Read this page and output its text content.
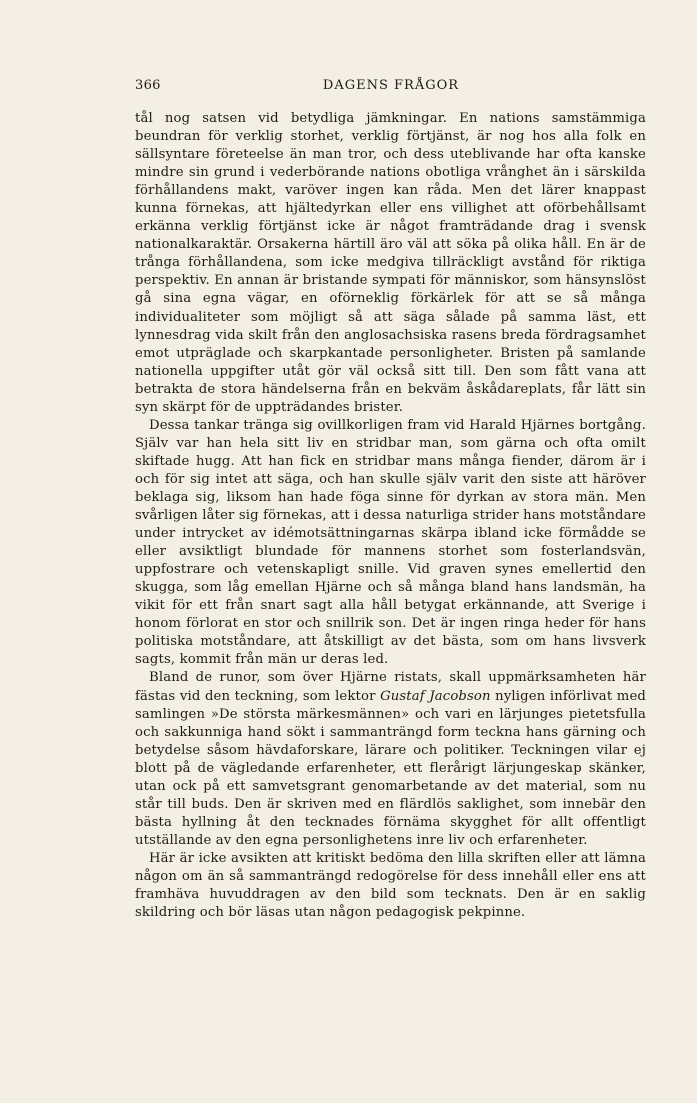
366	DAGENS FRÅGOR

tål nog satsen vid betydliga jämkningar. En nations samstämmiga beundran för verklig storhet, verklig förtjänst, är nog hos alla folk en sällsyntare företeelse än man tror, och dess uteblivande har ofta kanske mindre sin grund i vederbörande nations obotliga vrånghet än i särskilda förhållandens makt, varöver ingen kan råda. Men det lärer knappast kunna förnekas, att hjältedyrkan eller ens villighet att oförbehållsamt erkänna verklig förtjänst icke är något framträdande drag i svensk nationalkaraktär. Orsakerna härtill äro väl att söka på olika håll. En är de trånga förhållandena, som icke medgiva tillräckligt avstånd för riktiga perspektiv. En annan är bristande sympati för människor, som hänsynslöst gå sina egna vägar, en oförneklig förkärlek för att se så många individualiteter som möjligt så att säga sålade på samma läst, ett lynnesdrag vida skilt från den anglosachsiska rasens breda fördragsamhet emot utpräglade och skarpkantade personligheter. Bristen på samlande nationella uppgifter utåt gör väl också sitt till. Den som fått vana att betrakta de stora händelserna från en bekväm åskådareplats, får lätt sin syn skärpt för de uppträdandes brister.

Dessa tankar tränga sig ovillkorligen fram vid Harald Hjärnes bortgång. Själv var han hela sitt liv en stridbar man, som gärna och ofta omilt skiftade hugg. Att han fick en stridbar mans många fiender, därom är i och för sig intet att säga, och han skulle själv varit den siste att häröver beklaga sig, liksom han hade föga sinne för dyrkan av stora män. Men svårligen låter sig förnekas, att i dessa naturliga strider hans motståndare under intrycket av idémotsättningarnas skärpa ibland icke förmådde se eller avsiktligt blundade för mannens storhet som fosterlandsvän, uppfostrare och vetenskapligt snille. Vid graven synes emellertid den skugga, som låg emellan Hjärne och så många bland hans landsmän, ha vikit för ett från snart sagt alla håll betygat erkännande, att Sverige i honom förlorat en stor och snillrik son. Det är ingen ringa heder för hans politiska motståndare, att åtskilligt av det bästa, som om hans livsverk sagts, kommit från män ur deras led.

Bland de runor, som över Hjärne ristats, skall uppmärksamheten här fästas vid den teckning, som lektor Gustaf Jacobson nyligen införlivat med samlingen »De största märkesmännen» och vari en lärjunges pietetsfulla och sakkunniga hand sökt i sammanträngd form teckna hans gärning och betydelse såsom hävdaforskare, lärare och politiker. Teckningen vilar ej blott på de vägledande erfarenheter, ett flerårigt lärjungeskap skänker, utan ock på ett samvetsgrant genomarbetande av det material, som nu står till buds. Den är skriven med en flärdlös saklighet, som innebär den bästa hyllning åt den tecknades förnäma skygghet för allt offentligt utställande av den egna personlighetens inre liv och erfarenheter.

Här är icke avsikten att kritiskt bedöma den lilla skriften eller att lämna någon om än så sammanträngd redogörelse för dess innehåll eller ens att framhäva huvuddragen av den bild som tecknats. Den är en saklig skildring och bör läsas utan någon pedagogisk pekpinne.
